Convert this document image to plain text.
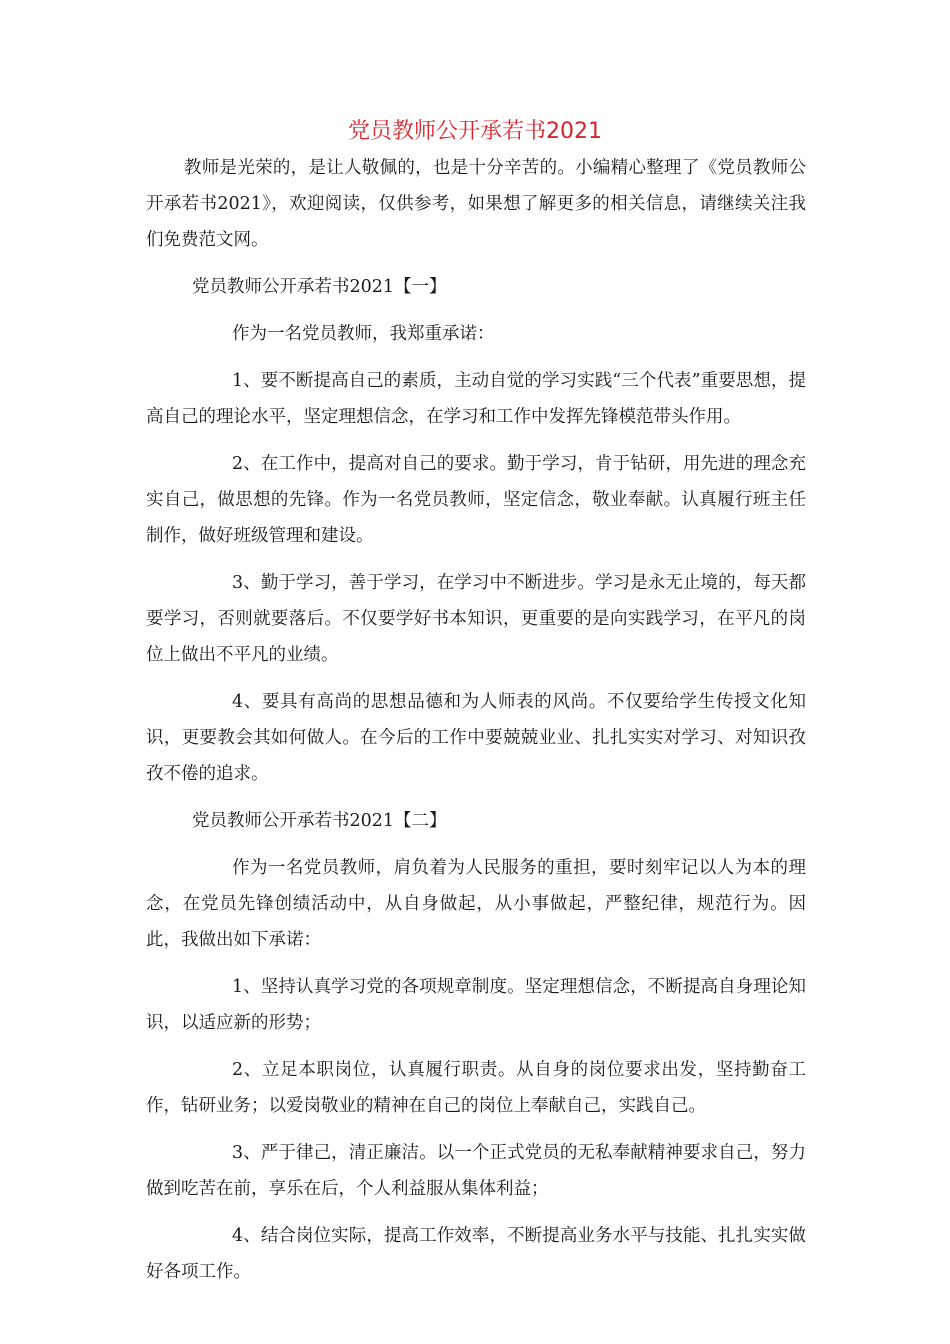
党员教师公开承若书2021

教师是光荣的，是让人敬佩的，也是十分辛苦的。小编精心整理了《党员教师公开承若书2021》，欢迎阅读，仅供参考，如果想了解更多的相关信息，请继续关注我们免费范文网。

党员教师公开承若书2021【一】

作为一名党员教师，我郑重承诺：

1、要不断提高自己的素质，主动自觉的学习实践“三个代表”重要思想，提高自己的理论水平，坚定理想信念，在学习和工作中发挥先锋模范带头作用。

2、在工作中，提高对自己的要求。勤于学习，肯于钻研，用先进的理念充实自己，做思想的先锋。作为一名党员教师，坚定信念，敬业奉献。认真履行班主任制作，做好班级管理和建设。

3、勤于学习，善于学习，在学习中不断进步。学习是永无止境的，每天都要学习，否则就要落后。不仅要学好书本知识，更重要的是向实践学习，在平凡的岗位上做出不平凡的业绩。

4、要具有高尚的思想品德和为人师表的风尚。不仅要给学生传授文化知识，更要教会其如何做人。在今后的工作中要兢兢业业、扎扎实实对学习、对知识孜孜不倦的追求。

党员教师公开承若书2021【二】

作为一名党员教师，肩负着为人民服务的重担，要时刻牢记以人为本的理念，在党员先锋创绩活动中，从自身做起，从小事做起，严整纪律，规范行为。因此，我做出如下承诺：

1、坚持认真学习党的各项规章制度。坚定理想信念，不断提高自身理论知识，以适应新的形势；

2、立足本职岗位，认真履行职责。从自身的岗位要求出发，坚持勤奋工作，钻研业务；以爱岗敬业的精神在自己的岗位上奉献自己，实践自己。

3、严于律己，清正廉洁。以一个正式党员的无私奉献精神要求自己，努力做到吃苦在前，享乐在后，个人利益服从集体利益；

4、结合岗位实际，提高工作效率，不断提高业务水平与技能、扎扎实实做好各项工作。
